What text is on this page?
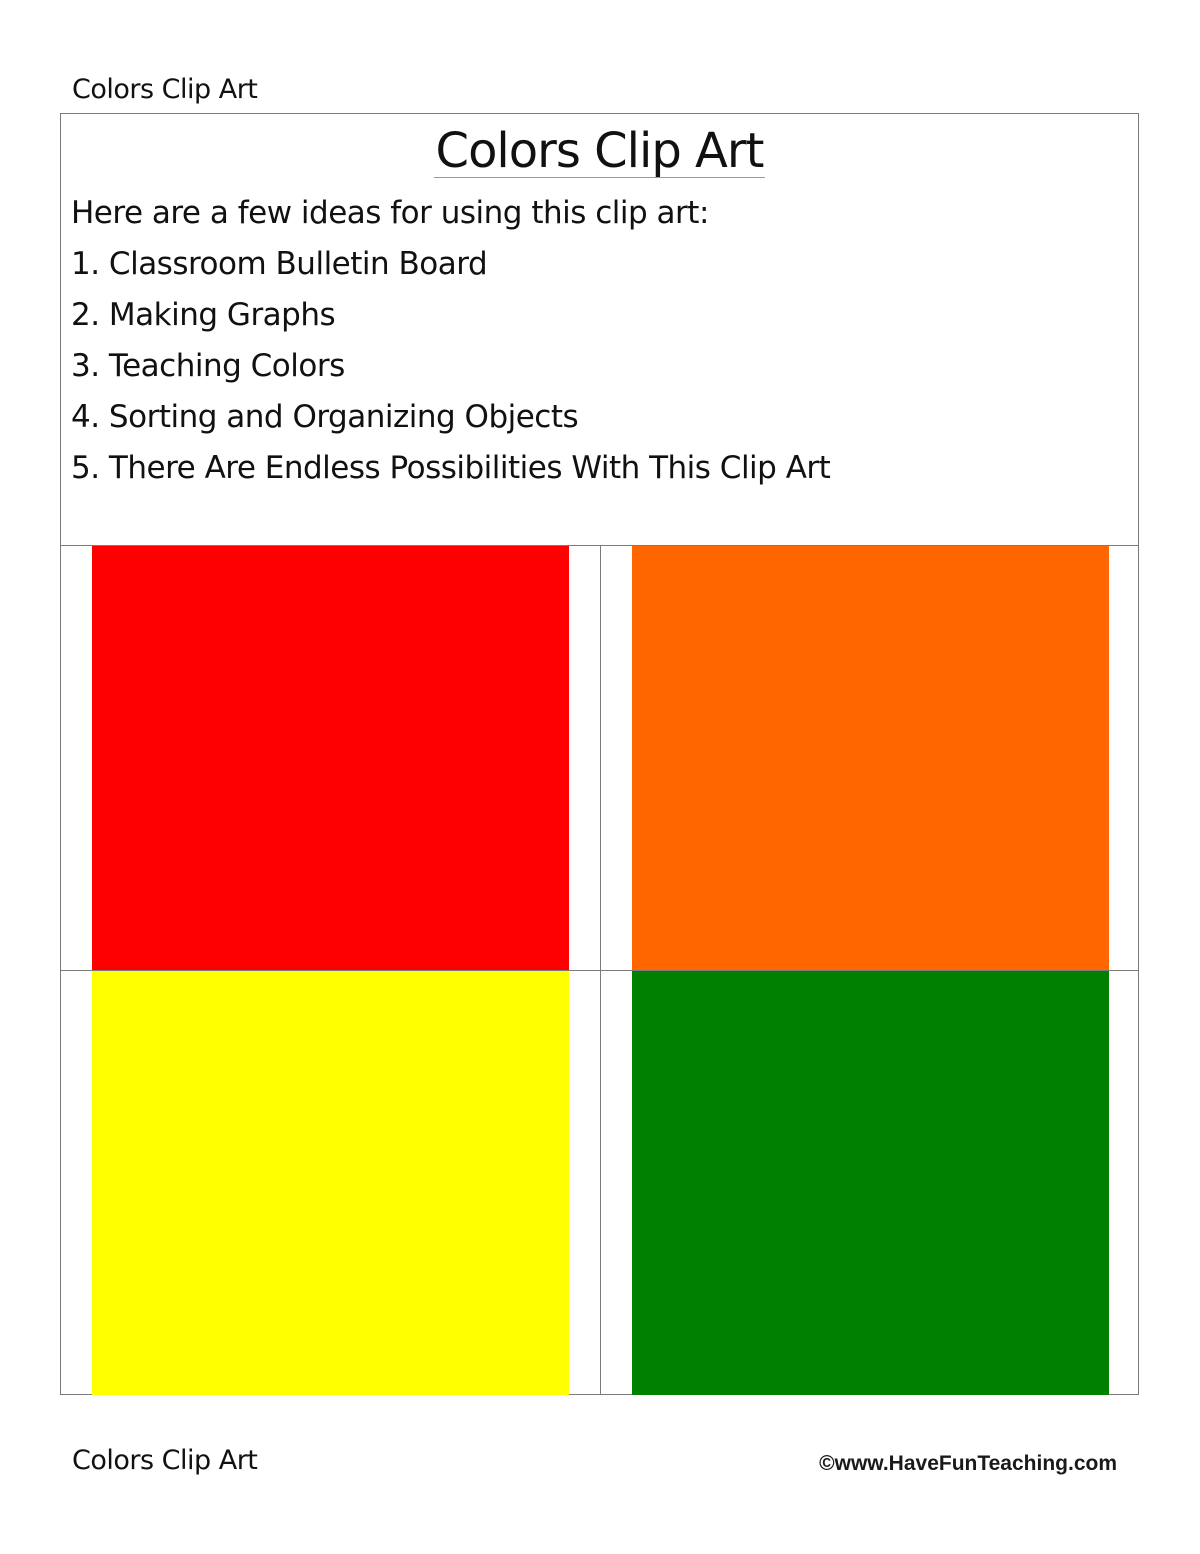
Colors Clip Art
Colors Clip Art
Here are a few ideas for using this clip art:
1. Classroom Bulletin Board
2. Making Graphs
3. Teaching Colors
4. Sorting and Organizing Objects
5. There Are Endless Possibilities With This Clip Art
Colors Clip Art	©www.HaveFunTeaching.com
